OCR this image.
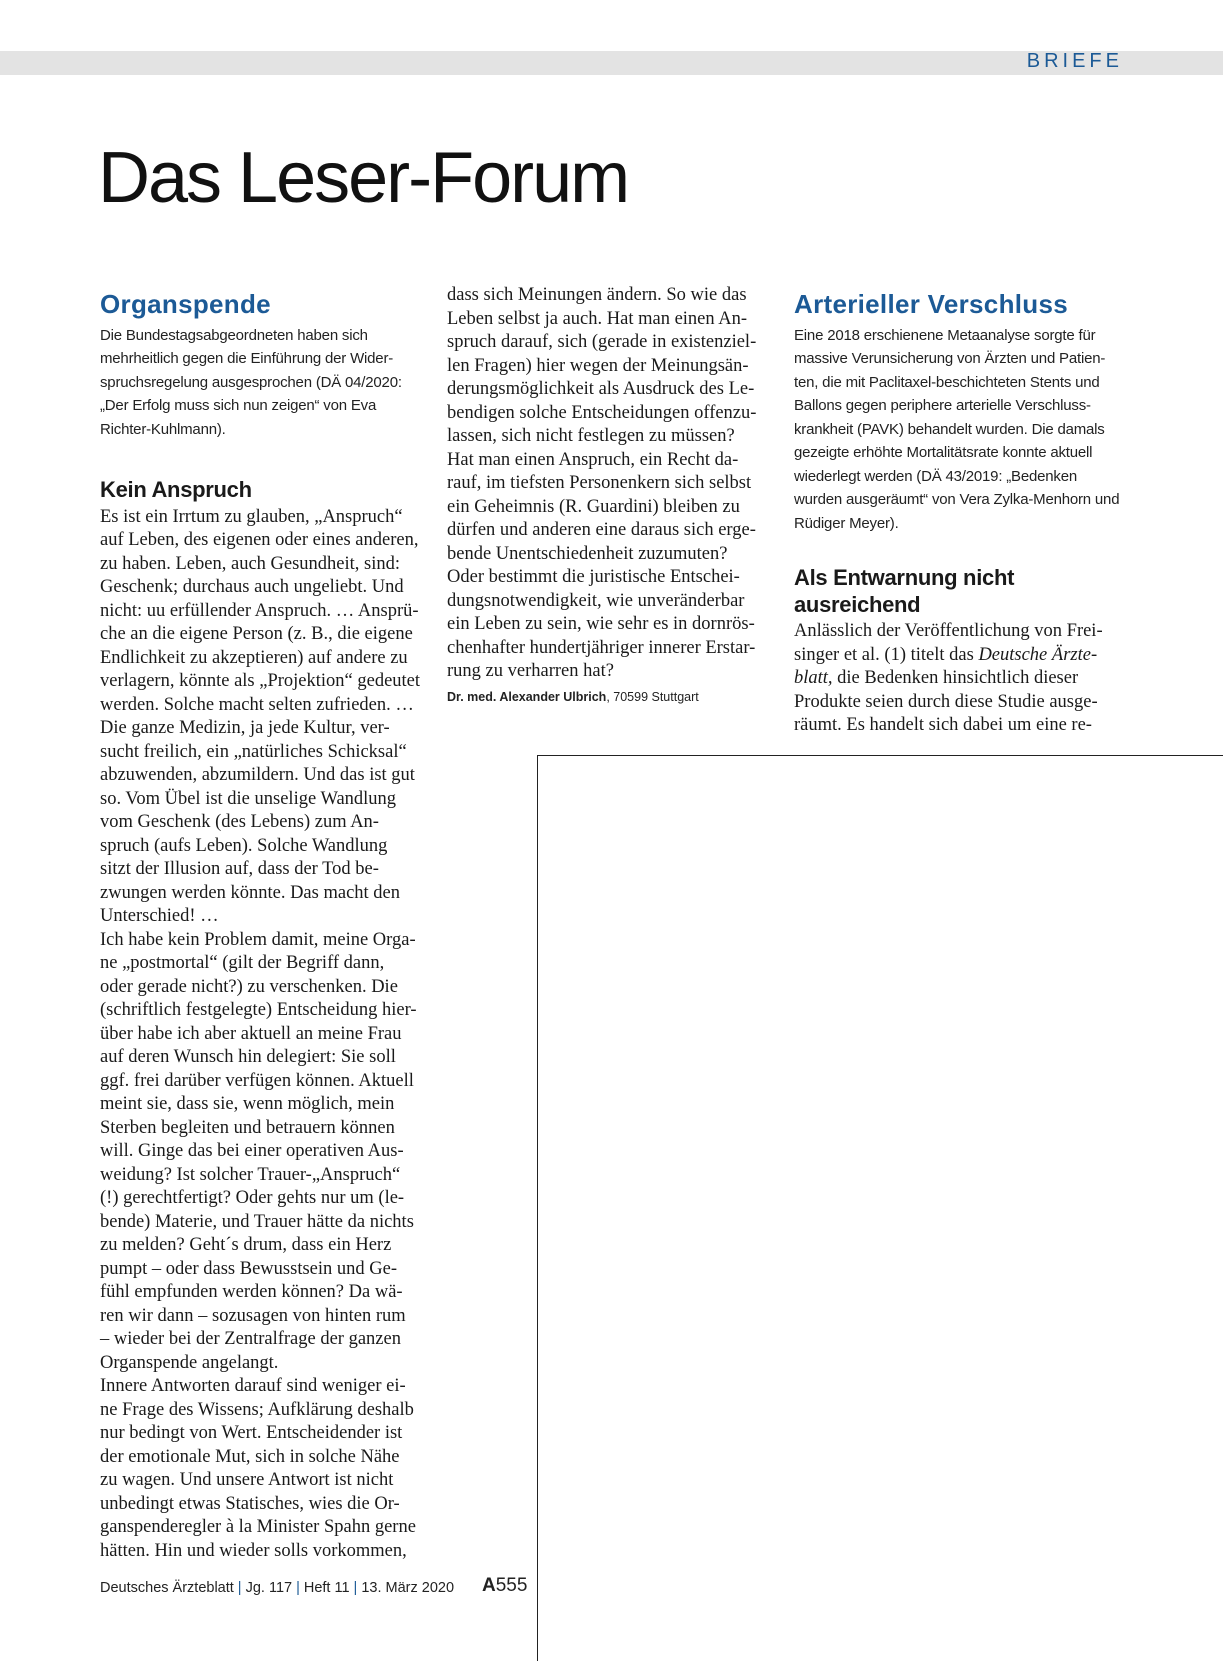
BRIEFE
Das Leser-Forum
Organspende
Die Bundestagsabgeordneten haben sich
mehrheitlich gegen die Einführung der Wider-
spruchsregelung ausgesprochen (DÄ 04/2020:
„Der Erfolg muss sich nun zeigen“ von Eva
Richter-Kuhlmann).
Kein Anspruch
Es ist ein Irrtum zu glauben, „Anspruch“
auf Leben, des eigenen oder eines anderen,
zu haben. Leben, auch Gesundheit, sind:
Geschenk; durchaus auch ungeliebt. Und
nicht: uu erfüllender Anspruch. … Ansprü-
che an die eigene Person (z. B., die eigene
Endlichkeit zu akzeptieren) auf andere zu
verlagern, könnte als „Projektion“ gedeutet
werden. Solche macht selten zufrieden. …
Die ganze Medizin, ja jede Kultur, ver-
sucht freilich, ein „natürliches Schicksal“
abzuwenden, abzumildern. Und das ist gut
so. Vom Übel ist die unselige Wandlung
vom Geschenk (des Lebens) zum An-
spruch (aufs Leben). Solche Wandlung
sitzt der Illusion auf, dass der Tod be-
zwungen werden könnte. Das macht den
Unterschied! …
Ich habe kein Problem damit, meine Orga-
ne „postmortal“ (gilt der Begriff dann,
oder gerade nicht?) zu verschenken. Die
(schriftlich festgelegte) Entscheidung hier-
über habe ich aber aktuell an meine Frau
auf deren Wunsch hin delegiert: Sie soll
ggf. frei darüber verfügen können. Aktuell
meint sie, dass sie, wenn möglich, mein
Sterben begleiten und betrauern können
will. Ginge das bei einer operativen Aus-
weidung? Ist solcher Trauer-„Anspruch“
(!) gerechtfertigt? Oder gehts nur um (le-
bende) Materie, und Trauer hätte da nichts
zu melden? Geht´s drum, dass ein Herz
pumpt – oder dass Bewusstsein und Ge-
fühl empfunden werden können? Da wä-
ren wir dann – sozusagen von hinten rum
– wieder bei der Zentralfrage der ganzen
Organspende angelangt.
Innere Antworten darauf sind weniger ei-
ne Frage des Wissens; Aufklärung deshalb
nur bedingt von Wert. Entscheidender ist
der emotionale Mut, sich in solche Nähe
zu wagen. Und unsere Antwort ist nicht
unbedingt etwas Statisches, wies die Or-
ganspenderegler à la Minister Spahn gerne
hätten. Hin und wieder solls vorkommen,
dass sich Meinungen ändern. So wie das
Leben selbst ja auch. Hat man einen An-
spruch darauf, sich (gerade in existenziel-
len Fragen) hier wegen der Meinungsän-
derungsmöglichkeit als Ausdruck des Le-
bendigen solche Entscheidungen offenzu-
lassen, sich nicht festlegen zu müssen?
Hat man einen Anspruch, ein Recht da-
rauf, im tiefsten Personenkern sich selbst
ein Geheimnis (R. Guardini) bleiben zu
dürfen und anderen eine daraus sich erge-
bende Unentschiedenheit zuzumuten?
Oder bestimmt die juristische Entschei-
dungsnotwendigkeit, wie unveränderbar
ein Leben zu sein, wie sehr es in dornrös-
chenhafter hundertjähriger innerer Erstar-
rung zu verharren hat?

Dr. med. Alexander Ulbrich, 70599 Stuttgart

Arterieller Verschluss
Eine 2018 erschienene Metaanalyse sorgte für
massive Verunsicherung von Ärzten und Patien-
ten, die mit Paclitaxel-beschichteten Stents und
Ballons gegen periphere arterielle Verschluss-
krankheit (PAVK) behandelt wurden. Die damals
gezeigte erhöhte Mortalitätsrate konnte aktuell
wiederlegt werden (DÄ 43/2019: „Bedenken
wurden ausgeräumt“ von Vera Zylka-Menhorn und
Rüdiger Meyer).
Als Entwarnung nicht ausreichend
Anlässlich der Veröffentlichung von Frei-
singer et al. (1) titelt das Deutsche Ärzte-
blatt, die Bedenken hinsichtlich dieser
Produkte seien durch diese Studie ausge-
räumt. Es handelt sich dabei um eine re-
Deutsches Ärzteblatt | Jg. 117 | Heft 11 | 13. März 2020 A555
